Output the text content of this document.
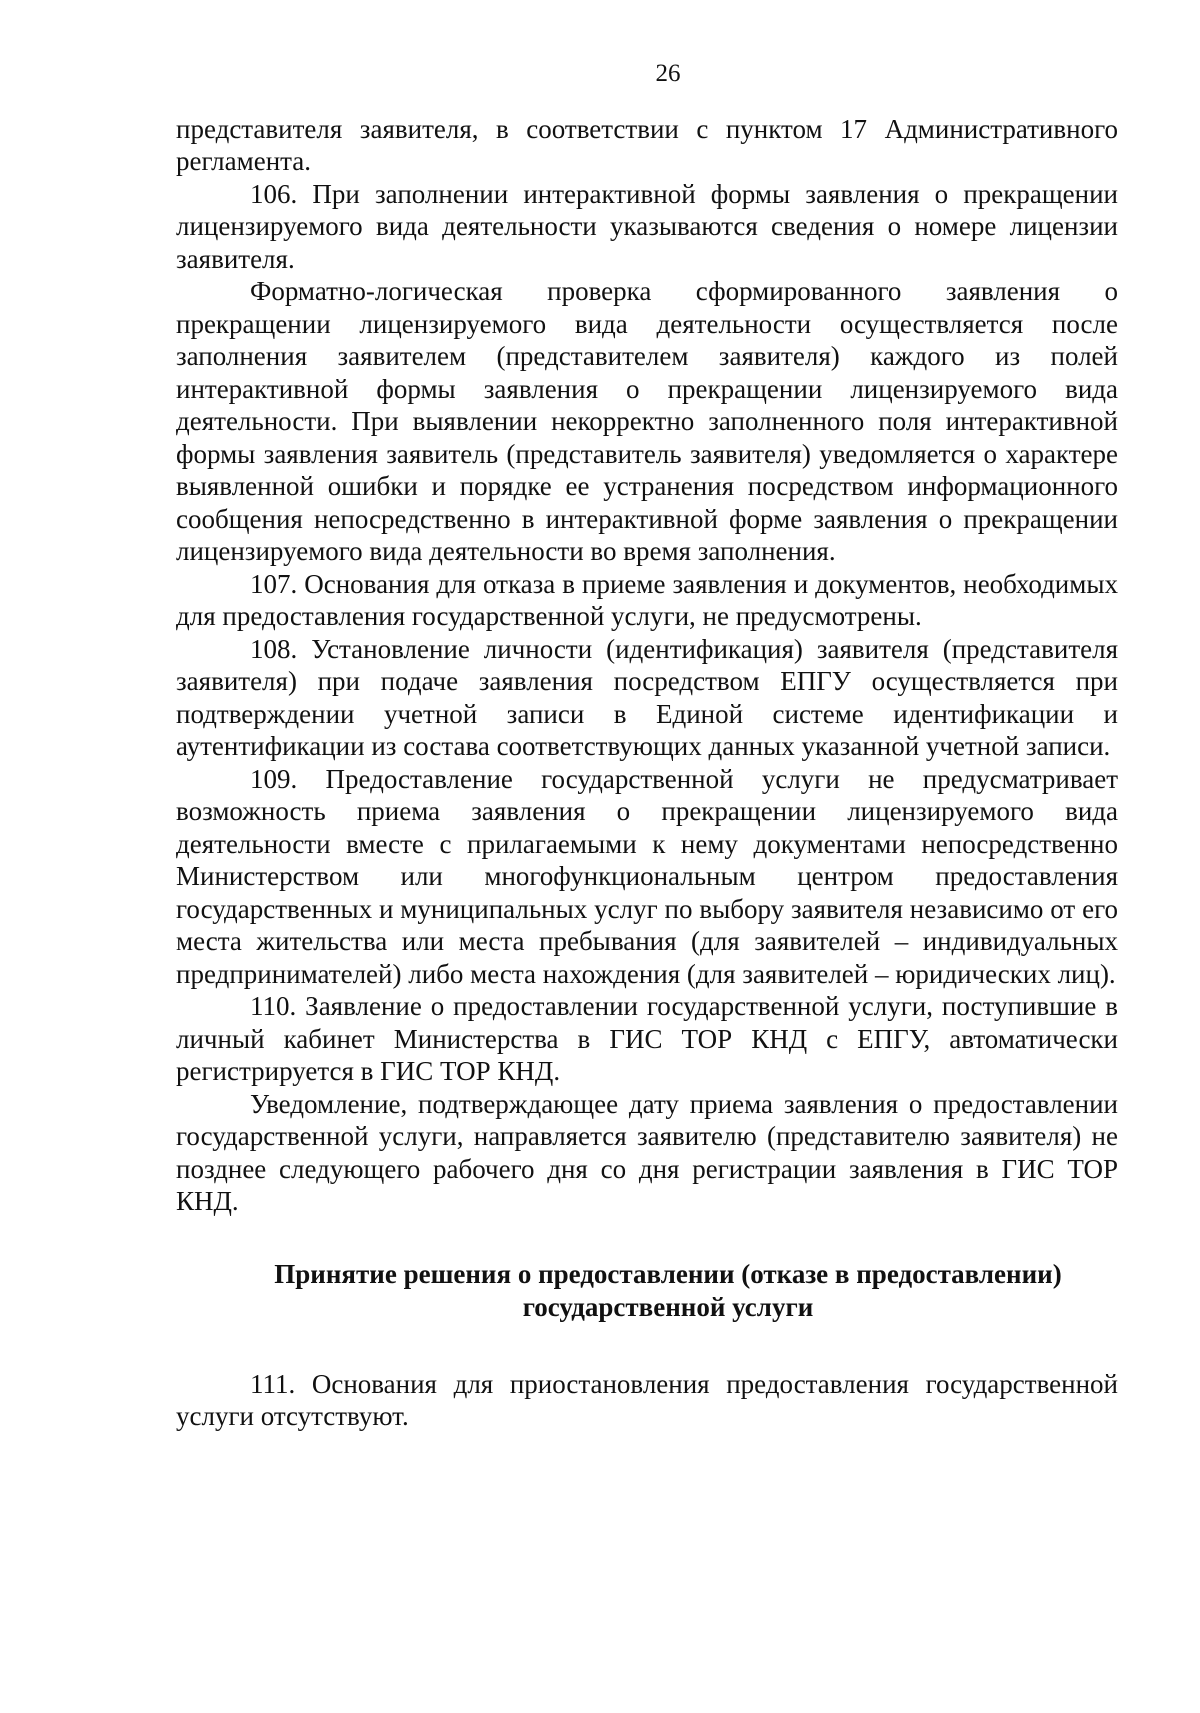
26

представителя заявителя, в соответствии с пунктом 17 Административного регламента.

106. При заполнении интерактивной формы заявления о прекращении лицензируемого вида деятельности указываются сведения о номере лицензии заявителя.

Форматно-логическая проверка сформированного заявления о прекращении лицензируемого вида деятельности осуществляется после заполнения заявителем (представителем заявителя) каждого из полей интерактивной формы заявления о прекращении лицензируемого вида деятельности. При выявлении некорректно заполненного поля интерактивной формы заявления заявитель (представитель заявителя) уведомляется о характере выявленной ошибки и порядке ее устранения посредством информационного сообщения непосредственно в интерактивной форме заявления о прекращении лицензируемого вида деятельности во время заполнения.

107. Основания для отказа в приеме заявления и документов, необходимых для предоставления государственной услуги, не предусмотрены.

108. Установление личности (идентификация) заявителя (представителя заявителя) при подаче заявления посредством ЕПГУ осуществляется при подтверждении учетной записи в Единой системе идентификации и аутентификации из состава соответствующих данных указанной учетной записи.

109. Предоставление государственной услуги не предусматривает возможность приема заявления о прекращении лицензируемого вида деятельности вместе с прилагаемыми к нему документами непосредственно Министерством или многофункциональным центром предоставления государственных и муниципальных услуг по выбору заявителя независимо от его места жительства или места пребывания (для заявителей – индивидуальных предпринимателей) либо места нахождения (для заявителей – юридических лиц).

110. Заявление о предоставлении государственной услуги, поступившие в личный кабинет Министерства в ГИС ТОР КНД с ЕПГУ, автоматически регистрируется в ГИС ТОР КНД.

Уведомление, подтверждающее дату приема заявления о предоставлении государственной услуги, направляется заявителю (представителю заявителя) не позднее следующего рабочего дня со дня регистрации заявления в ГИС ТОР КНД.

Принятие решения о предоставлении (отказе в предоставлении)
государственной услуги

111. Основания для приостановления предоставления государственной услуги отсутствуют.
